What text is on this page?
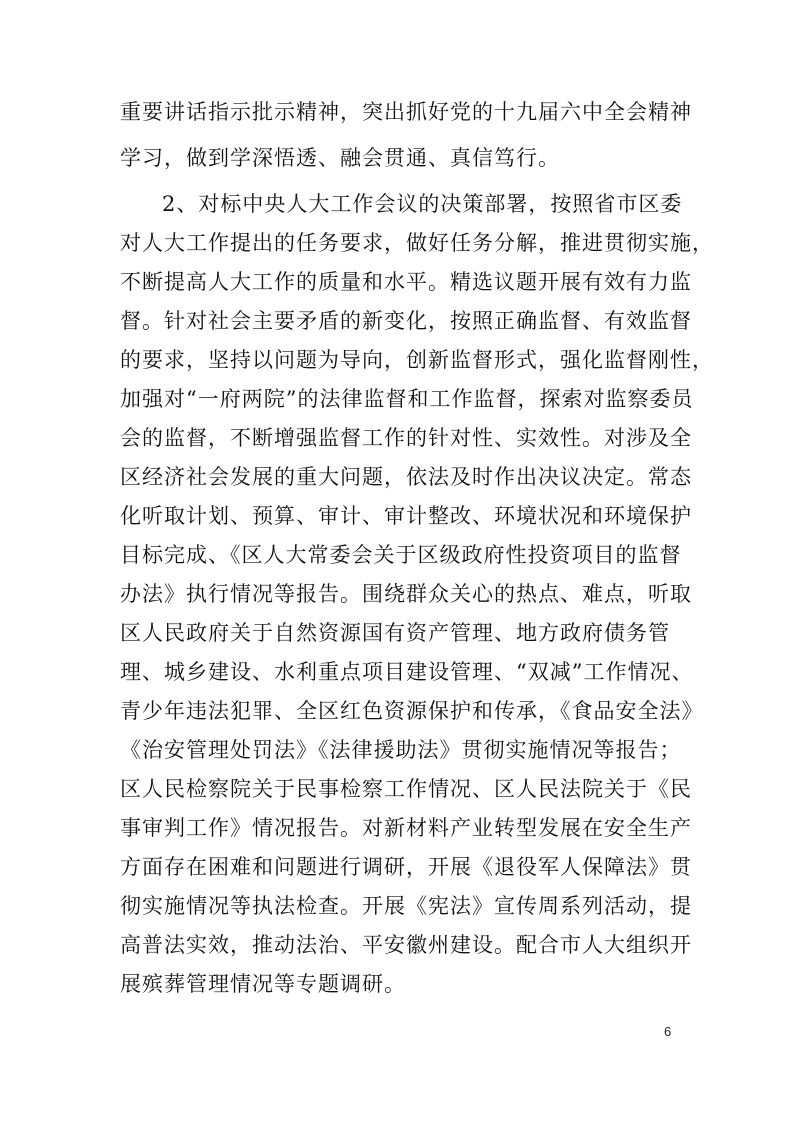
重要讲话指示批示精神，突出抓好党的十九届六中全会精神
学习，做到学深悟透、融会贯通、真信笃行。
2、对标中央人大工作会议的决策部署，按照省市区委
对人大工作提出的任务要求，做好任务分解，推进贯彻实施，
不断提高人大工作的质量和水平。精选议题开展有效有力监
督。针对社会主要矛盾的新变化，按照正确监督、有效监督
的要求，坚持以问题为导向，创新监督形式，强化监督刚性，
加强对“一府两院”的法律监督和工作监督，探索对监察委员
会的监督，不断增强监督工作的针对性、实效性。对涉及全
区经济社会发展的重大问题，依法及时作出决议决定。常态
化听取计划、预算、审计、审计整改、环境状况和环境保护
目标完成、《区人大常委会关于区级政府性投资项目的监督
办法》执行情况等报告。围绕群众关心的热点、难点，听取
区人民政府关于自然资源国有资产管理、地方政府债务管
理、城乡建设、水利重点项目建设管理、“双减”工作情况、
青少年违法犯罪、全区红色资源保护和传承，《食品安全法》
《治安管理处罚法》《法律援助法》贯彻实施情况等报告；
区人民检察院关于民事检察工作情况、区人民法院关于《民
事审判工作》情况报告。对新材料产业转型发展在安全生产
方面存在困难和问题进行调研，开展《退役军人保障法》贯
彻实施情况等执法检查。开展《宪法》宣传周系列活动，提
高普法实效，推动法治、平安徽州建设。配合市人大组织开
展殡葬管理情况等专题调研。
6
